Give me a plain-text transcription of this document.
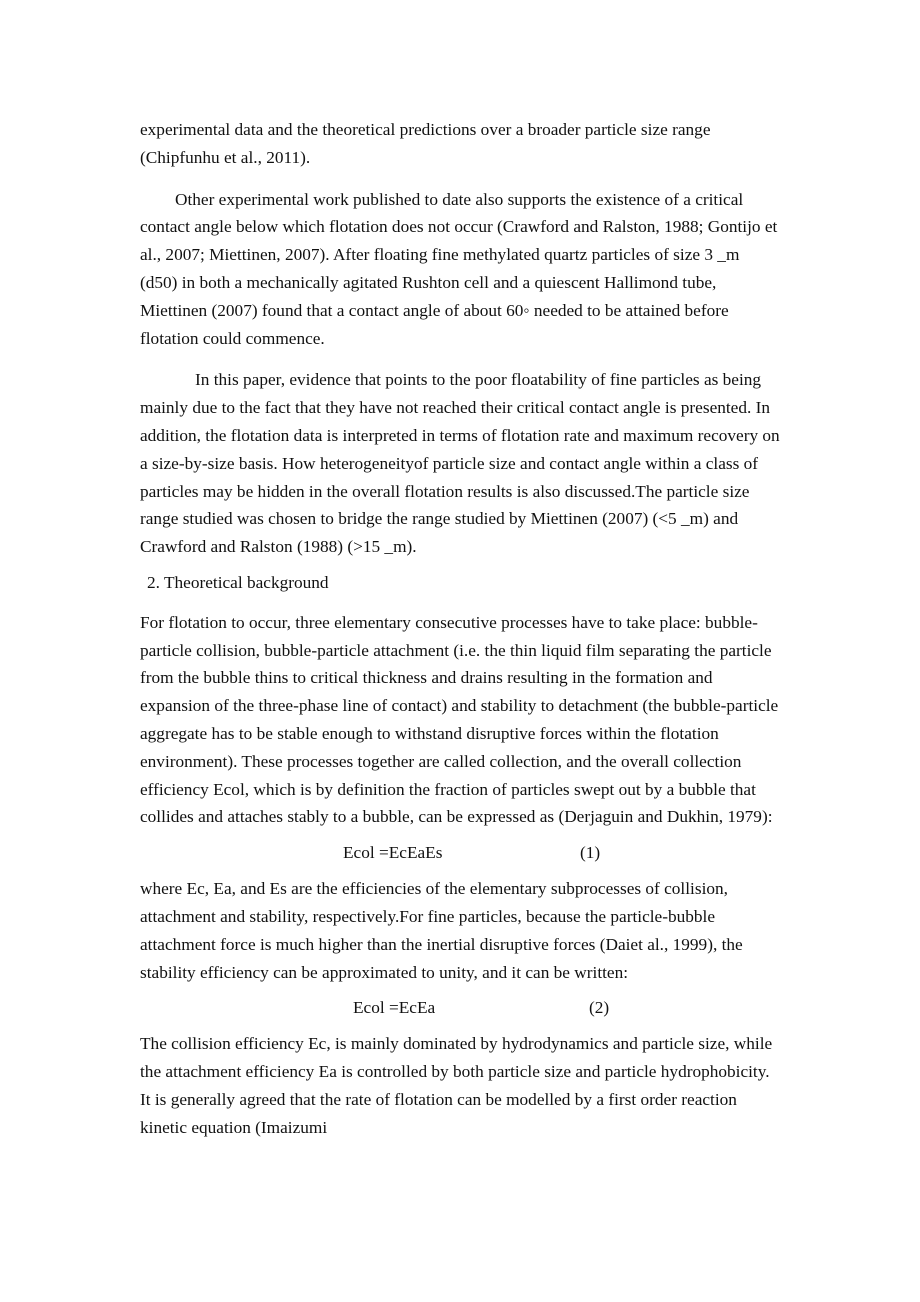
experimental data and the theoretical predictions over a broader particle size range (Chipfunhu et al., 2011).

Other experimental work published to date also supports the existence of a critical contact angle below which flotation does not occur (Crawford and Ralston, 1988; Gontijo et al., 2007; Miettinen, 2007). After floating fine methylated quartz particles of size 3 _m (d50) in both a mechanically agitated Rushton cell and a quiescent Hallimond tube, Miettinen (2007) found that a contact angle of about 60◦ needed to be attained before flotation could commence.

In this paper, evidence that points to the poor floatability of fine particles as being mainly due to the fact that they have not reached their critical contact angle is presented. In addition, the flotation data is interpreted in terms of flotation rate and maximum recovery on a size-by-size basis. How heterogeneityof particle size and contact angle within a class of particles may be hidden in the overall flotation results is also discussed.The particle size range studied was chosen to bridge the range studied by Miettinen (2007) (<5 _m) and Crawford and Ralston (1988) (>15 _m).

2. Theoretical background

For flotation to occur, three elementary consecutive processes have to take place: bubble-particle collision, bubble-particle attachment (i.e. the thin liquid film separating the particle from the bubble thins to critical thickness and drains resulting in the formation and expansion of the three-phase line of contact) and stability to detachment (the bubble-particle aggregate has to be stable enough to withstand disruptive forces within the flotation environment). These processes together are called collection, and the overall collection efficiency Ecol, which is by definition the fraction of particles swept out by a bubble that collides and attaches stably to a bubble, can be expressed as (Derjaguin and Dukhin, 1979):

Ecol =EcEaEs	(1)

where Ec, Ea, and Es are the efficiencies of the elementary subprocesses of collision, attachment and stability, respectively.For fine particles, because the particle-bubble attachment force is much higher than the inertial disruptive forces (Daiet al., 1999), the stability efficiency can be approximated to unity, and it can be written:

Ecol =EcEa	(2)

The collision efficiency Ec, is mainly dominated by hydrodynamics and particle size, while the attachment efficiency Ea is controlled by both particle size and particle hydrophobicity. It is generally agreed that the rate of flotation can be modelled by a first order reaction kinetic equation (Imaizumi
